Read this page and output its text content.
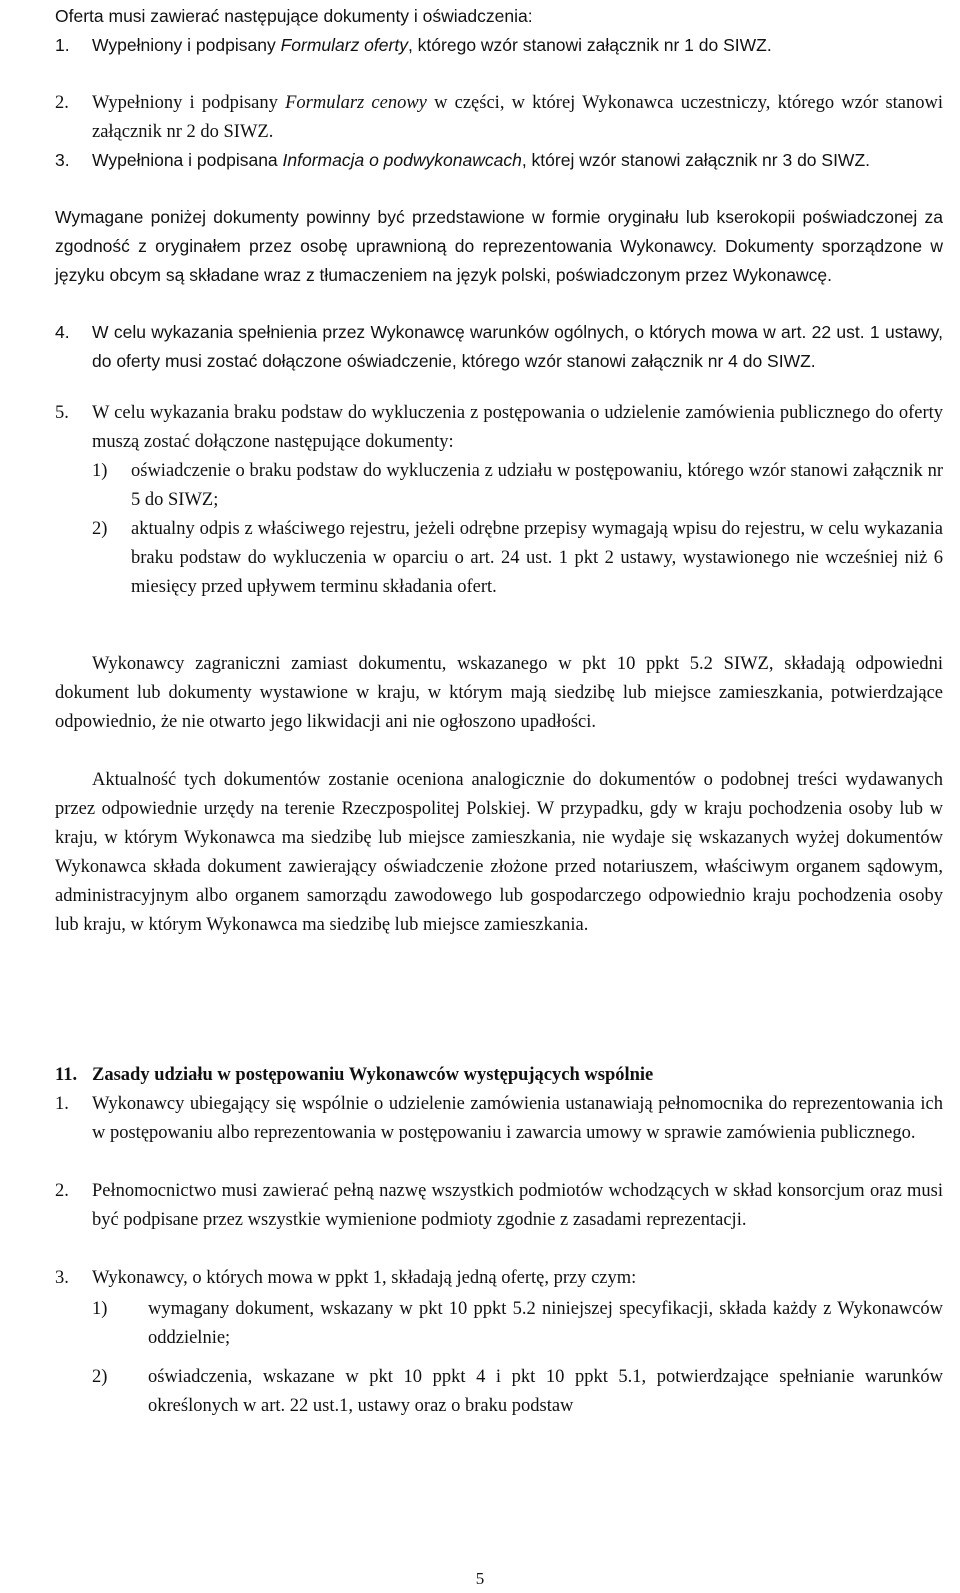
Oferta musi zawierać następujące dokumenty i oświadczenia:
1. Wypełniony i podpisany Formularz oferty, którego wzór stanowi załącznik nr 1 do SIWZ.
2. Wypełniony i podpisany Formularz cenowy w części, w której Wykonawca uczestniczy, którego wzór stanowi załącznik nr 2 do SIWZ.
3. Wypełniona i podpisana Informacja o podwykonawcach, której wzór stanowi załącznik nr 3 do SIWZ.
Wymagane poniżej dokumenty powinny być przedstawione w formie oryginału lub kserokopii poświadczonej za zgodność z oryginałem przez osobę uprawnioną do reprezentowania Wykonawcy. Dokumenty sporządzone w języku obcym są składane wraz z tłumaczeniem na język polski, poświadczonym przez Wykonawcę.
4. W celu wykazania spełnienia przez Wykonawcę warunków ogólnych, o których mowa w art. 22 ust. 1 ustawy, do oferty musi zostać dołączone oświadczenie, którego wzór stanowi załącznik nr 4 do SIWZ.
5. W celu wykazania braku podstaw do wykluczenia z postępowania o udzielenie zamówienia publicznego do oferty muszą zostać dołączone następujące dokumenty:
1) oświadczenie o braku podstaw do wykluczenia z udziału w postępowaniu, którego wzór stanowi załącznik nr 5 do SIWZ;
2) aktualny odpis z właściwego rejestru, jeżeli odrębne przepisy wymagają wpisu do rejestru, w celu wykazania braku podstaw do wykluczenia w oparciu o art. 24 ust. 1 pkt 2 ustawy, wystawionego nie wcześniej niż 6 miesięcy przed upływem terminu składania ofert.
Wykonawcy zagraniczni zamiast dokumentu, wskazanego w pkt 10 ppkt 5.2 SIWZ, składają odpowiedni dokument lub dokumenty wystawione w kraju, w którym mają siedzibę lub miejsce zamieszkania, potwierdzające odpowiednio, że nie otwarto jego likwidacji ani nie ogłoszono upadłości.
Aktualność tych dokumentów zostanie oceniona analogicznie do dokumentów o podobnej treści wydawanych przez odpowiednie urzędy na terenie Rzeczpospolitej Polskiej. W przypadku, gdy w kraju pochodzenia osoby lub w kraju, w którym Wykonawca ma siedzibę lub miejsce zamieszkania, nie wydaje się wskazanych wyżej dokumentów Wykonawca składa dokument zawierający oświadczenie złożone przed notariuszem, właściwym organem sądowym, administracyjnym albo organem samorządu zawodowego lub gospodarczego odpowiednio kraju pochodzenia osoby lub kraju, w którym Wykonawca ma siedzibę lub miejsce zamieszkania.
11. Zasady udziału w postępowaniu Wykonawców występujących wspólnie
1. Wykonawcy ubiegający się wspólnie o udzielenie zamówienia ustanawiają pełnomocnika do reprezentowania ich w postępowaniu albo reprezentowania w postępowaniu i zawarcia umowy w sprawie zamówienia publicznego.
2. Pełnomocnictwo musi zawierać pełną nazwę wszystkich podmiotów wchodzących w skład konsorcjum oraz musi być podpisane przez wszystkie wymienione podmioty zgodnie z zasadami reprezentacji.
3. Wykonawcy, o których mowa w ppkt 1, składają jedną ofertę, przy czym:
1) wymagany dokument, wskazany w pkt 10 ppkt 5.2 niniejszej specyfikacji, składa każdy z Wykonawców oddzielnie;
2) oświadczenia, wskazane w pkt 10 ppkt 4 i pkt 10 ppkt 5.1, potwierdzające spełnianie warunków określonych w art. 22 ust.1, ustawy oraz o braku podstaw
5
